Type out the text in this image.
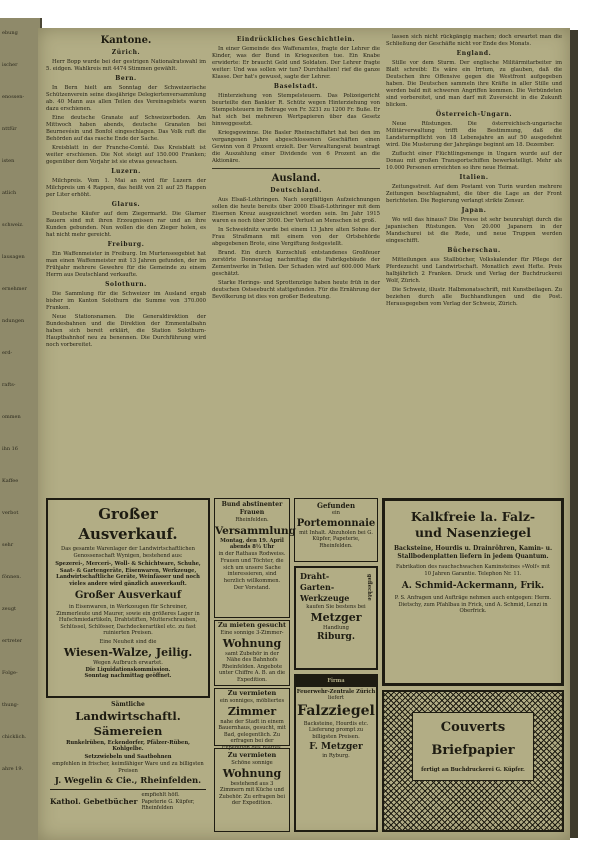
ebung
ischer
enossen-
nttfür
isten
atlich
schweiz.
lausagen
ernehmer
ndungen
erd-
rafts-
ommen
ihn 16
Kaffee
verbot
sehr
fönnen.
zeugt
ertreter
Folge-
thung-
chicklich.
ahre 19.
Kantone.
Zürich.

Herr Bopp wurde bei der gestrigen Nationalratswahl im 5. eidgen. Wahlkreis mit 4474 Stimmen gewählt.

Bern.

In Bern hielt am Sonntag der Schweizerische Schützenverein seine diesjährige Delegiertenversammlung ab. 40 Mann aus allen Teilen des Vereinsgebiets waren dazu erschienen.

Eine deutsche Granate auf Schweizerboden. Am Mittwoch haben abends, deutsche Granaten bei Beurnevésin und Bonfol eingeschlagen. Das Volk ruft die Behörden auf das rasche Ende der Sache.

Kreisblatt in der Franche-Comté. Das Kreisblatt ist weiter erschienen. Die Not steigt auf 150.000 Franken; gegenüber dem Vorjahr ist sie etwas gewachsen.

Luzern.

Milchpreis. Vom 1. Mai an wird für Luzern der Milchpreis um 4 Rappen, das heißt von 21 auf 25 Rappen per Liter erhöht.

Glarus.

Deutsche Käufer auf dem Ziegermarkt. Die Glarner Bauern sind mit ihren Erzeugnissen rar und an ihre Kunden gebunden. Nun wollen die den Zieger holen, es hat nicht mehr gereicht.

Freiburg.

Ein Waffenmeister in Freiburg. Im Murtenseegebiet hat man einen Waffenmeister mit 13 Jahren gefunden, der im Frühjahr mehrere Gewehre für die Gemeinde zu einem Herrn aus Deutschland verkaufte.

Solothurn.

Die Sammlung für die Schweizer im Ausland ergab bisher im Kanton Solothurn die Summe von 370.000 Franken.

Neue Stationsnamen. Die Generaldirektion der Bundesbahnen und die Direktion der Emmentalbahn haben sich bereit erklärt, die Station Solothurn-Hauptbahnhof neu zu benennen. Die Durchführung wird noch vorbereitet.

Eindrückliches Geschichtlein.

In einer Gemeinde des Waffenamtes, fragte der Lehrer die Kinder, was der Bund in Kriegszeiten tue. Ein Knabe erwiderte: Er braucht Geld und Soldaten. Der Lehrer fragte weiter: Und was sollen wir tun? Durchhalten! rief die ganze Klasse. Der hat's gewusst, sagte der Lehrer.

Baselstadt.

Hinterziehung von Stempelsteuern. Das Polizeigericht beurteilte den Bankier R. Schütz wegen Hinterziehung von Stempelsteuern im Betrage von Fr. 3231 zu 1200 Fr. Buße. Er hat sich bei mehreren Wertpapieren über das Gesetz hinweggesetzt.

Kriegsgewinne. Die Basler Rheinschiffahrt hat bei den im vergangenen Jahre abgeschlossenen Geschäften einen Gewinn von 8 Prozent erzielt. Der Verwaltungsrat beantragt die Auszahlung einer Dividende von 6 Prozent an die Aktionäre.

Ausland.
Deutschland.

Aus Elsaß-Lothringen. Nach sorgfältigen Aufzeichnungen sollen die heute bereits über 2000 Elsaß-Lothringer mit dem Eisernen Kreuz ausgezeichnet worden sein. Im Jahr 1915 waren es noch über 3000. Der Verlust an Menschen ist groß.

In Schweidnitz wurde bei einem 13 Jahre alten Sohne der Frau Straßmann mit einem von der Ortsbehörde abgegebenen Brote, eine Vergiftung festgestellt.

Brand. Ein durch Kurzschluß entstandenes Großfeuer zerstörte Donnerstag nachmittag die Fabrikgebäude der Zementwerke in Teilen. Der Schaden wird auf 600.000 Mark geschätzt.

Starke Herings- und Sprottenzüge haben heute früh in der deutschen Ostseebucht stattgefunden. Für die Ernährung der Bevölkerung ist dies von großer Bedeutung.

lassen sich nicht rückgängig machen; doch erwartet man die Schließung der Geschäfte nicht vor Ende des Monats.

England.

Stille vor dem Sturm. Der englische Militärmitarbeiter im Blatt schreibt: Es wäre ein Irrtum, zu glauben, daß die Deutschen ihre Offensive gegen die Westfront aufgegeben haben. Die Deutschen sammeln ihre Kräfte in aller Stille und werden bald mit schweren Angriffen kommen. Die Verbündeten sind vorbereitet, und man darf mit Zuversicht in die Zukunft blicken.

Österreich-Ungarn.

Neue Rüstungen. Die österreichisch-ungarische Militärverwaltung trifft die Bestimmung, daß die Landsturmpflicht von 18 Lebensjahre an auf 50 ausgedehnt wird. Die Musterung der Jahrgänge beginnt am 18. Dezember.

Zuflucht einer Flüchtlingsmenge in Ungarn wurde auf der Donau mit großen Transportschiffen bewerkstelligt. Mehr als 10.000 Personen erreichten so ihre neue Heimat.

Italien.

Zeitungsstreit. Auf dem Postamt von Turin wurden mehrere Zeitungen beschlagnahmt, die über die Lage an der Front berichteten. Die Regierung verlangt strikte Zensur.

Japan.

Wo will das hinaus? Die Presse ist sehr beunruhigt durch die japanischen Rüstungen. Von 20.000 Japanern in der Mandschurei ist die Rede, und neue Truppen werden eingeschifft.

Bücherschau.

Mitteilungen aus Stallbücher, Volkskalender für Pflege der Pferdezucht und Landwirtschaft. Monatlich zwei Hefte. Preis halbjährlich 2 Franken. Druck und Verlag der Buchdruckerei Wolf, Zürich.

Die Schweiz, illustr. Halbmonatsschrift, mit Kunstbeilagen. Zu beziehen durch alle Buchhandlungen und die Post. Herausgegeben vom Verlag der Schweiz, Zürich.

Großer Ausverkauf.
Das gesamte Warenlager der Landwirtschaftlichen Genossenschaft Wynigen, bestehend aus:
Spezerei-, Merceri-, Woll- & Schichtware, Schuhe, Saat- & Gartengeräte, Eisenwaren, Werkzeuge, Landwirtschaftliche Geräte, Weinfässer und noch vieles andere wird gänzlich ausverkauft.
Großer Ausverkauf
in Eisenwaren, in Werkzeugen für Schreiner, Zimmerleute und Maurer, sowie ein größeres Lager in Hufschmiedartikeln, Drahtstiften, Mutterschrauben, Schlüssel, Schlösser, Dachdeckerartikel etc. zu fast ruinierten Preisen.
Eine Neuheit sind die
Wiesen-Walze, Jeilig.
Wegen Aufbruch erwartet.
Die Liquidationskommission.
Sonntag nachmittag geöffnet.
Sämtliche
Landwirtschaftl. Sämereien
Runkelrüben, Eckendorfer, Pfälzer-Rüben, Kohlgelbe.
Setzzwiebeln und Saatbohnen
empfehlen in frischer, keimfähiger Ware und zu billigsten Preisen
J. Wegelin & Cie., Rheinfelden.
Kathol. Gebetbücher
empfiehlt höfl. Papeterie G. Küpfer, Rheinfelden
Bund abstinenter Frauen
Rheinfelden.
Versammlung
Montag, den 19. April abends 8½ Uhr
in der Rathaus Rodweiss.
Frauen und Töchter, die sich um unsere Sache interessieren, sind herzlich willkommen.
Der Vorstand.
Zu mieten gesucht
Eine sonnige 3-Zimmer-
Wohnung
samt Zubehör in der Nähe des Bahnhofs Rheinfelden. Angebote unter Chiffre A. B. an die Expedition.
Zu vermieten
ein sonniges, möbliertes
Zimmer
nahe der Stadt in einem Bauernhaus, gesucht, mit Bad, gelegentlich. Zu erfragen bei der Expedition des Blattes.
Zu vermieten
Schöne sonnige
Wohnung
bestehend aus 3 Zimmern mit Küche und Zubehör. Zu erfragen bei der Expedition.
Gefunden
ein
Portemonnaie
mit Inhalt. Abzuholen bei G. Küpfer, Papeterie, Rheinfelden.
Draht-
Garten-
Werkzeuge	geflechte
kaufen Sie bestens bei
Metzger
Handlung
Riburg.
Firma
Feuerwehr-Zentrale Zürich
liefert
Falzziegel
Backsteine, Hourdis etc. Lieferung prompt zu billigsten Preisen.
F. Metzger
in Ryburg.
Kalkfreie la. Falz-
und Nasenziegel
Backsteine, Hourdis u. Drainröhren, Kamin- u. Stallbodenplatten liefern in jedem Quantum.
Fabrikation des rauchschwachen Kaminsteines »Wolf« mit 10 Jahren Garantie. Telephon Nr. 11.
A. Schmid-Ackermann, Frik.
P. S. Anfragen und Aufträge nehmen auch entgegen: Herm. Dietschy, zum Pfahlbau in Frick, und A. Schmid, Lenzi in Oberfrick.
Couverts
Briefpapier
fertigt an Buchdruckerei G. Küpfer.
